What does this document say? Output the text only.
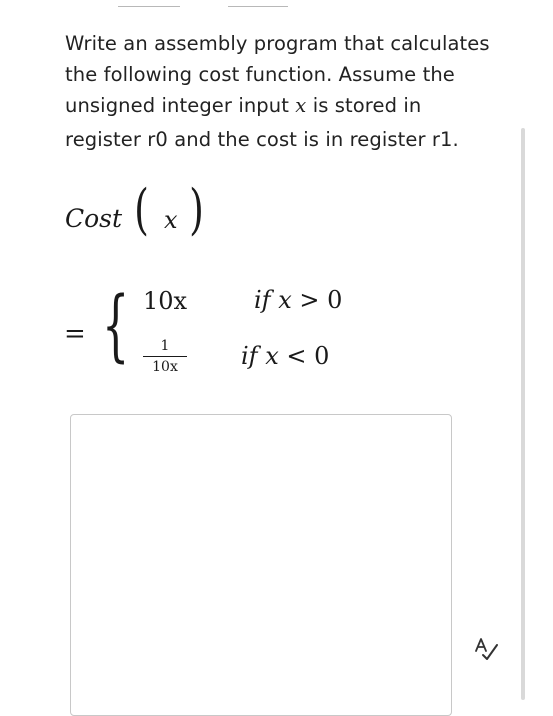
Write an assembly program that calculates

the following cost function. Assume the

unsigned integer input x is stored in

register r0 and the cost is in register r1.

Cost ( x )
= { 10x
1
10x
if x > 0
if x < 0
